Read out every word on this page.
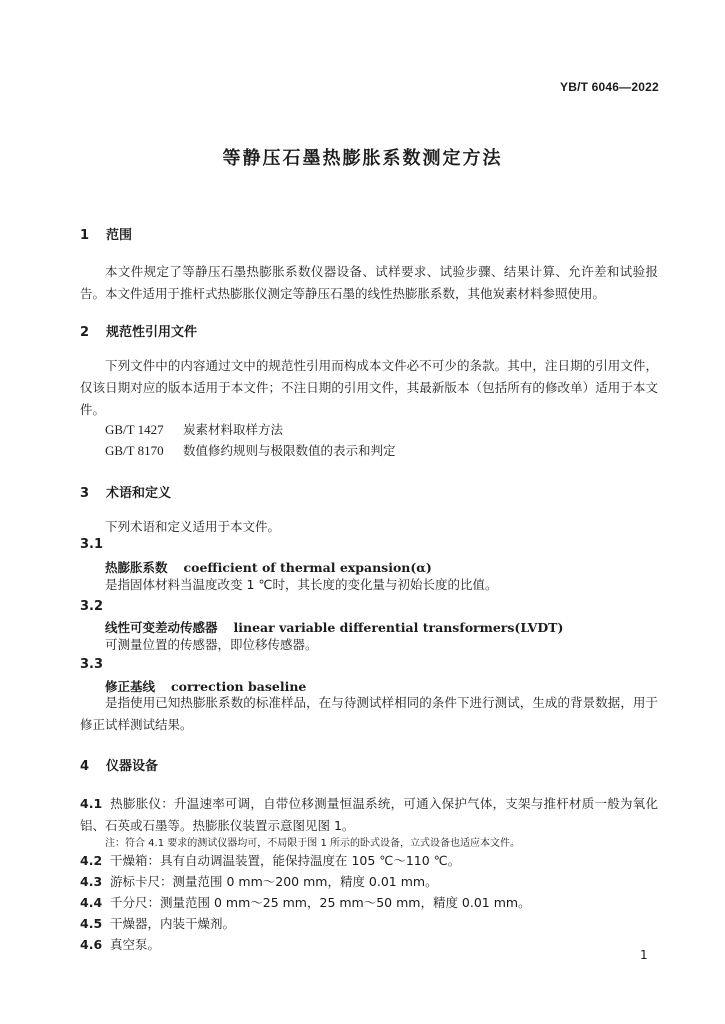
YB/T 6046—2022
等静压石墨热膨胀系数测定方法
1 范围
本文件规定了等静压石墨热膨胀系数仪器设备、试样要求、试验步骤、结果计算、允许差和试验报告。 本文件适用于推杆式热膨胀仪测定等静压石墨的线性热膨胀系数，其他炭素材料参照使用。
2 规范性引用文件
下列文件中的内容通过文中的规范性引用而构成本文件必不可少的条款。其中，注日期的引用文件，仅该日期对应的版本适用于本文件；不注日期的引用文件，其最新版本（包括所有的修改单）适用于本文件。
GB/T 1427 炭素材料取样方法
GB/T 8170 数值修约规则与极限数值的表示和判定
3 术语和定义
下列术语和定义适用于本文件。
3.1
热膨胀系数 coefficient of thermal expansion(α)
是指固体材料当温度改变 1 ℃时，其长度的变化量与初始长度的比值。
3.2
线性可变差动传感器 linear variable differential transformers(LVDT)
可测量位置的传感器，即位移传感器。
3.3
修正基线 correction baseline
是指使用已知热膨胀系数的标准样品，在与待测试样相同的条件下进行测试，生成的背景数据，用于修正试样测试结果。
4 仪器设备
4.1 热膨胀仪：升温速率可调，自带位移测量恒温系统，可通入保护气体，支架与推杆材质一般为氧化铝、石英或石墨等。热膨胀仪装置示意图见图 1。
注：符合 4.1 要求的测试仪器均可，不局限于图 1 所示的卧式设备，立式设备也适应本文件。
4.2 干燥箱：具有自动调温装置，能保持温度在 105 ℃～110 ℃。
4.3 游标卡尺：测量范围 0 mm～200 mm，精度 0.01 mm。
4.4 千分尺：测量范围 0 mm～25 mm，25 mm～50 mm，精度 0.01 mm。
4.5 干燥器，内装干燥剂。
4.6 真空泵。
1
